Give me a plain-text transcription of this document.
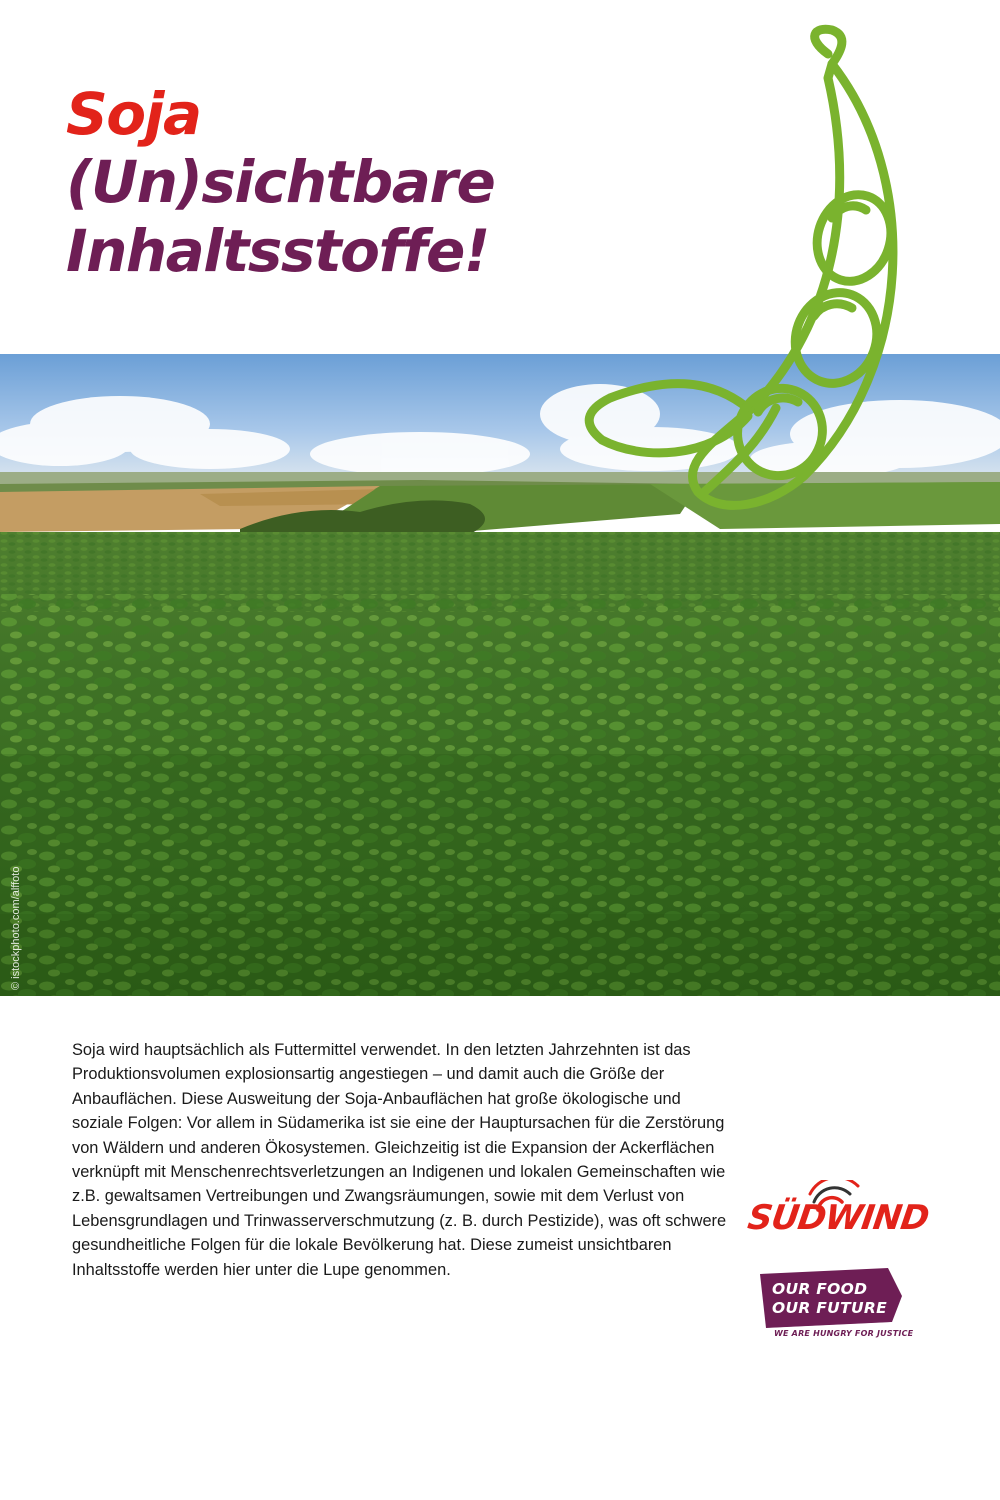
Soja
(Un)sichtbare
Inhaltsstoffe!
© istockphoto.com/alffoto

Soja wird hauptsächlich als Futtermittel verwendet. In den letzten Jahrzehnten ist das Produktionsvolumen explosionsartig angestiegen – und damit auch die Größe der Anbauflächen. Diese Ausweitung der Soja-Anbauflächen hat große ökologische und soziale Folgen: Vor allem in Südamerika ist sie eine der Hauptursachen für die Zerstörung von Wäldern und anderen Ökosystemen. Gleichzeitig ist die Expansion der Ackerflächen verknüpft mit Menschenrechtsverletzungen an Indigenen und lokalen Gemeinschaften wie z.B. gewaltsamen Vertreibungen und Zwangsräumungen, sowie mit dem Verlust von Lebensgrundlagen und Trinwasserverschmutzung (z. B. durch Pestizide), was oft schwere gesundheitliche Folgen für die lokale Bevölkerung hat. Diese zumeist unsichtbaren Inhaltsstoffe werden hier unter die Lupe genommen.

SÜDWIND
OUR FOOD
OUR FUTURE
WE ARE HUNGRY FOR JUSTICE
